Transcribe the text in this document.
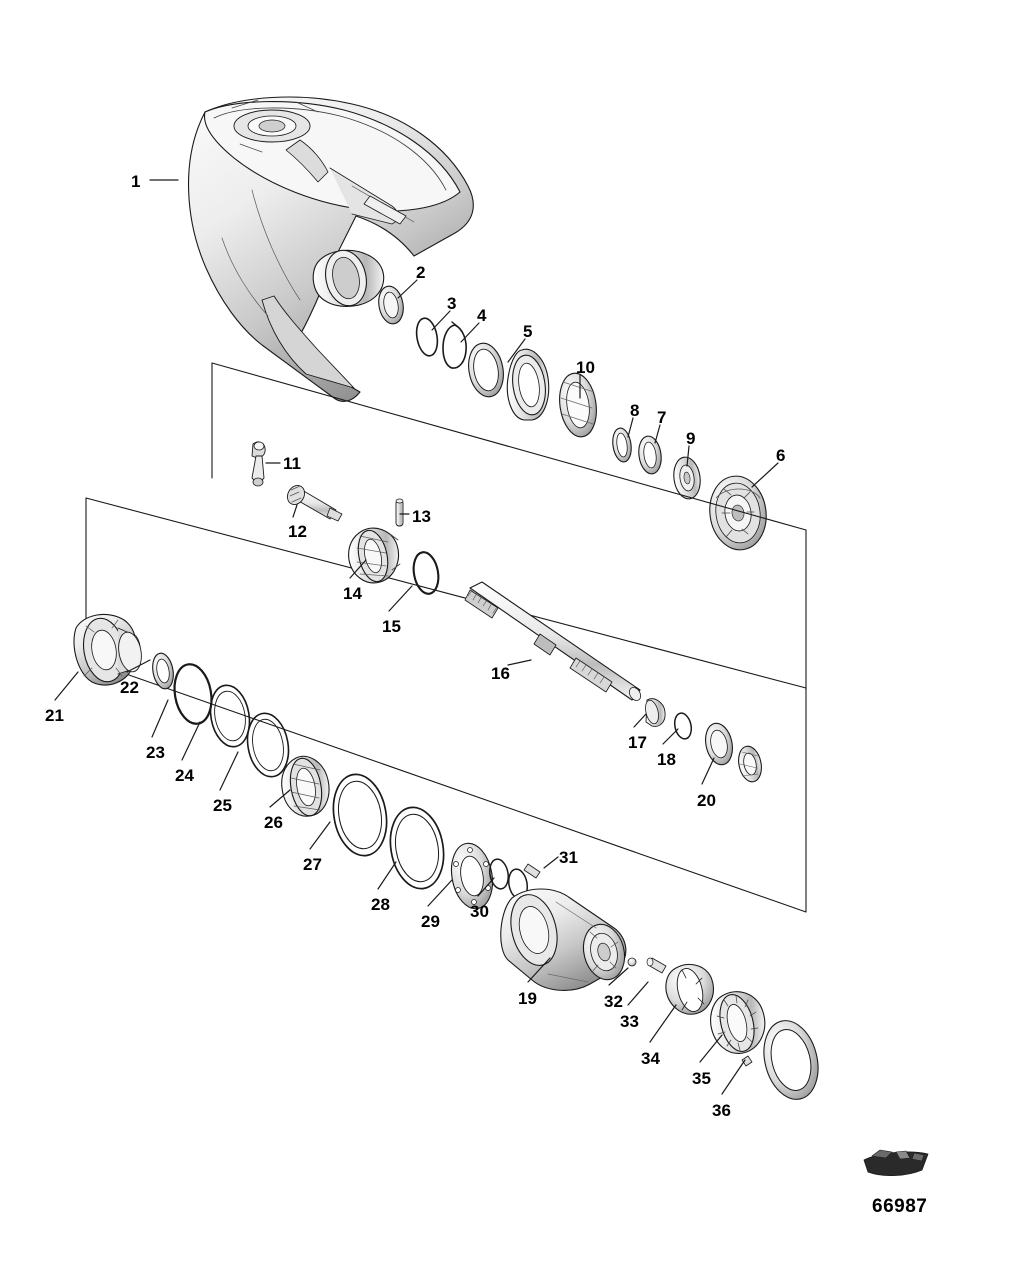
1
2
3
4
5
10
8 7
9
6
11
12
13
14
15
16
17
18
20
21
22
23
24
25
26
27
28
29
30
31
32
33
34
35
36
19
66987
